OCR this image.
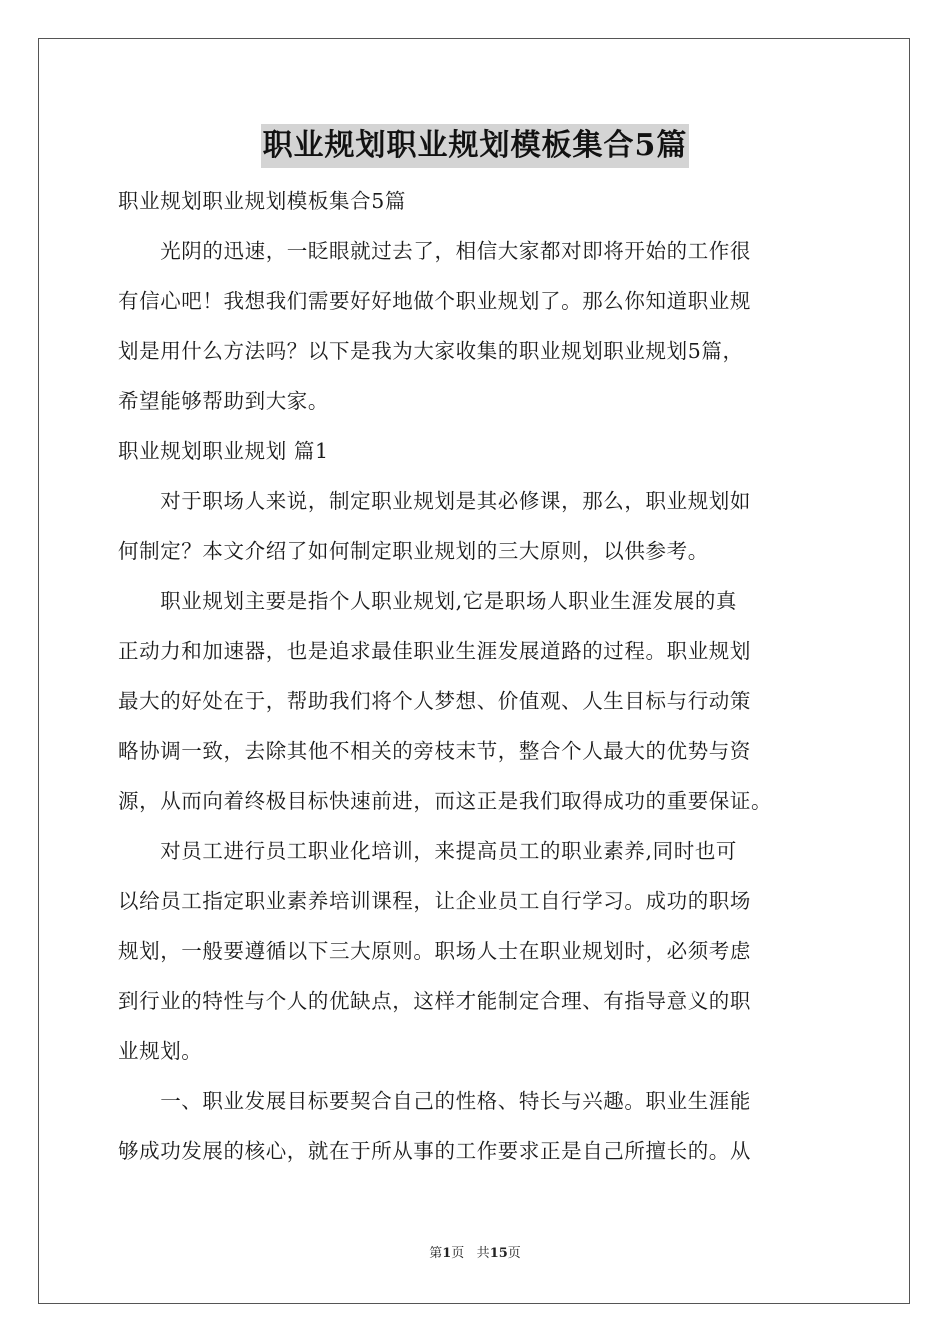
职业规划职业规划模板集合5篇
职业规划职业规划模板集合5篇
　　光阴的迅速，一眨眼就过去了，相信大家都对即将开始的工作很
有信心吧！我想我们需要好好地做个职业规划了。那么你知道职业规
划是用什么方法吗？以下是我为大家收集的职业规划职业规划5篇，
希望能够帮助到大家。
职业规划职业规划 篇1
　　对于职场人来说，制定职业规划是其必修课，那么，职业规划如
何制定？本文介绍了如何制定职业规划的三大原则，以供参考。
　　职业规划主要是指个人职业规划,它是职场人职业生涯发展的真
正动力和加速器，也是追求最佳职业生涯发展道路的过程。职业规划
最大的好处在于，帮助我们将个人梦想、价值观、人生目标与行动策
略协调一致，去除其他不相关的旁枝末节，整合个人最大的优势与资
源，从而向着终极目标快速前进，而这正是我们取得成功的重要保证。
　　对员工进行员工职业化培训，来提高员工的职业素养,同时也可
以给员工指定职业素养培训课程，让企业员工自行学习。成功的职场
规划，一般要遵循以下三大原则。职场人士在职业规划时，必须考虑
到行业的特性与个人的优缺点，这样才能制定合理、有指导意义的职
业规划。
　　一、职业发展目标要契合自己的性格、特长与兴趣。职业生涯能
够成功发展的核心，就在于所从事的工作要求正是自己所擅长的。从
第1页 共15页
